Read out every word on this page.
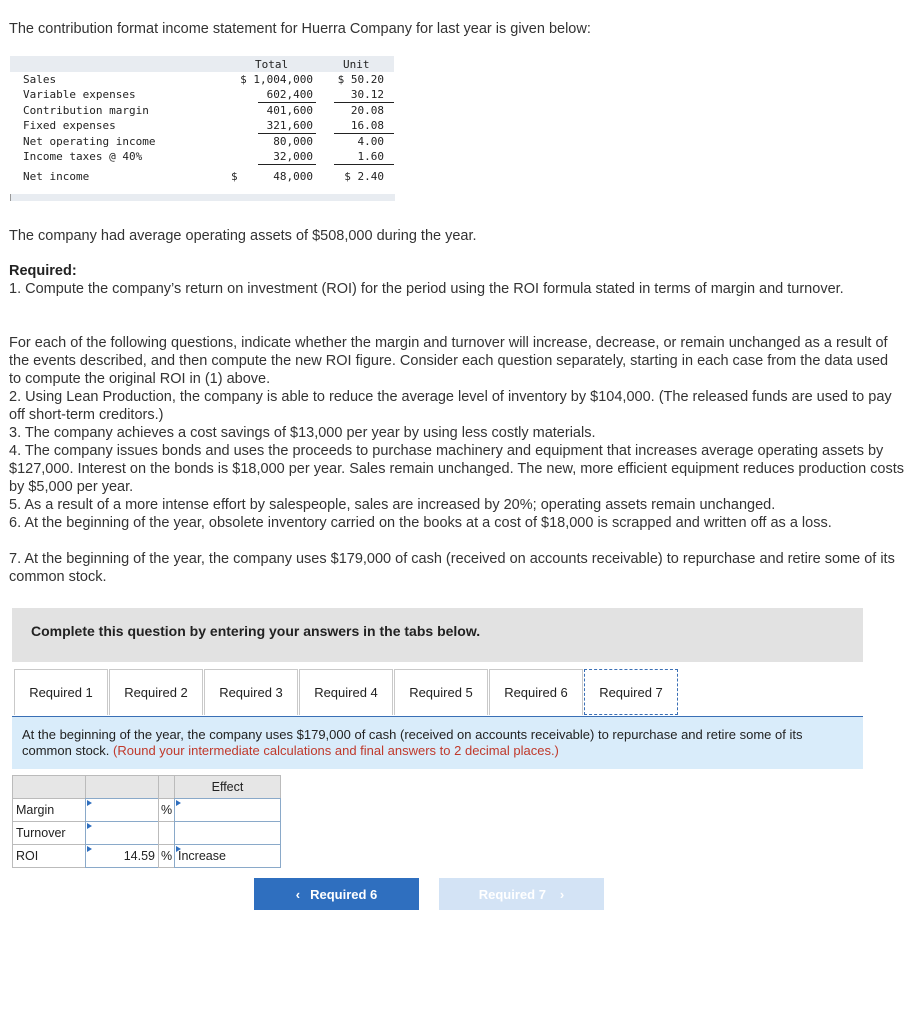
The contribution format income statement for Huerra Company for last year is given below:

Total	Unit
Sales	$ 1,004,000 $ 50.20
Variable expenses	602,400	30.12
Contribution margin	401,600	20.08
Fixed expenses	321,600	16.08
Net operating income	80,000	4.00
Income taxes @ 40%	32,000	1.60
Net income	$	48,000	$ 2.40

The company had average operating assets of $508,000 during the year.

Required:

1. Compute the company’s return on investment (ROI) for the period using the ROI formula stated in terms of margin and turnover.

For each of the following questions, indicate whether the margin and turnover will increase, decrease, or remain unchanged as a result of the events described, and then compute the new ROI figure. Consider each question separately, starting in each case from the data used to compute the original ROI in (1) above.

2. Using Lean Production, the company is able to reduce the average level of inventory by $104,000. (The released funds are used to pay off short-term creditors.)

3. The company achieves a cost savings of $13,000 per year by using less costly materials.

4. The company issues bonds and uses the proceeds to purchase machinery and equipment that increases average operating assets by $127,000. Interest on the bonds is $18,000 per year. Sales remain unchanged. The new, more efficient equipment reduces production costs by $5,000 per year.

5. As a result of a more intense effort by salespeople, sales are increased by 20%; operating assets remain unchanged.

6. At the beginning of the year, obsolete inventory carried on the books at a cost of $18,000 is scrapped and written off as a loss.

7. At the beginning of the year, the company uses $179,000 of cash (received on accounts receivable) to repurchase and retire some of its common stock.

Complete this question by entering your answers in the tabs below.
Required 1	Required 2	Required 3	Required 4	Required 5	Required 6	Required 7

At the beginning of the year, the company uses $179,000 of cash (received on accounts receivable) to repurchase and retire some of its common stock. (Round your intermediate calculations and final answers to 2 decimal places.)

Effect
Margin	%
Turnover
ROI	14.59 % Increase
‹ Required 6	Required 7 ›
